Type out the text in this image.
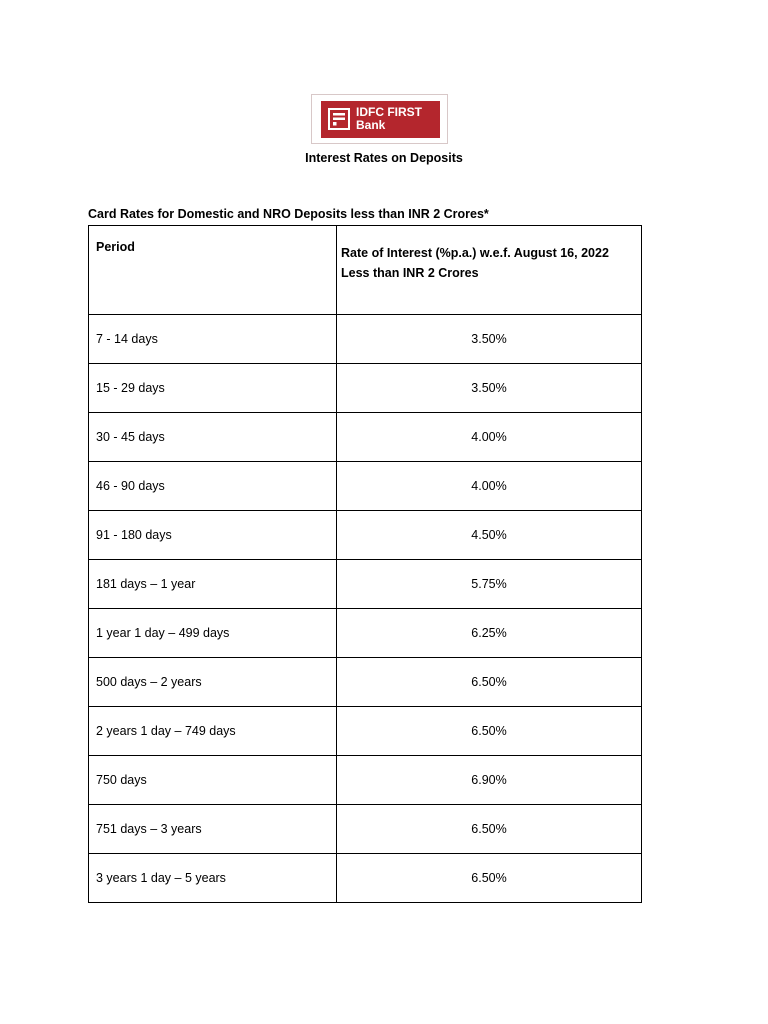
IDFC FIRST
Bank
Interest Rates on Deposits
Card Rates for Domestic and NRO Deposits less than INR 2 Crores*
Period	Rate of Interest (%p.a.) w.e.f. August 16, 2022
Less than INR 2 Crores

7 - 14 days	3.50%
15 - 29 days	3.50%
30 - 45 days	4.00%
46 - 90 days	4.00%
91 - 180 days	4.50%
181 days – 1 year	5.75%
1 year 1 day – 499 days	6.25%
500 days – 2 years	6.50%
2 years 1 day – 749 days	6.50%
750 days	6.90%
751 days – 3 years	6.50%
3 years 1 day – 5 years	6.50%
